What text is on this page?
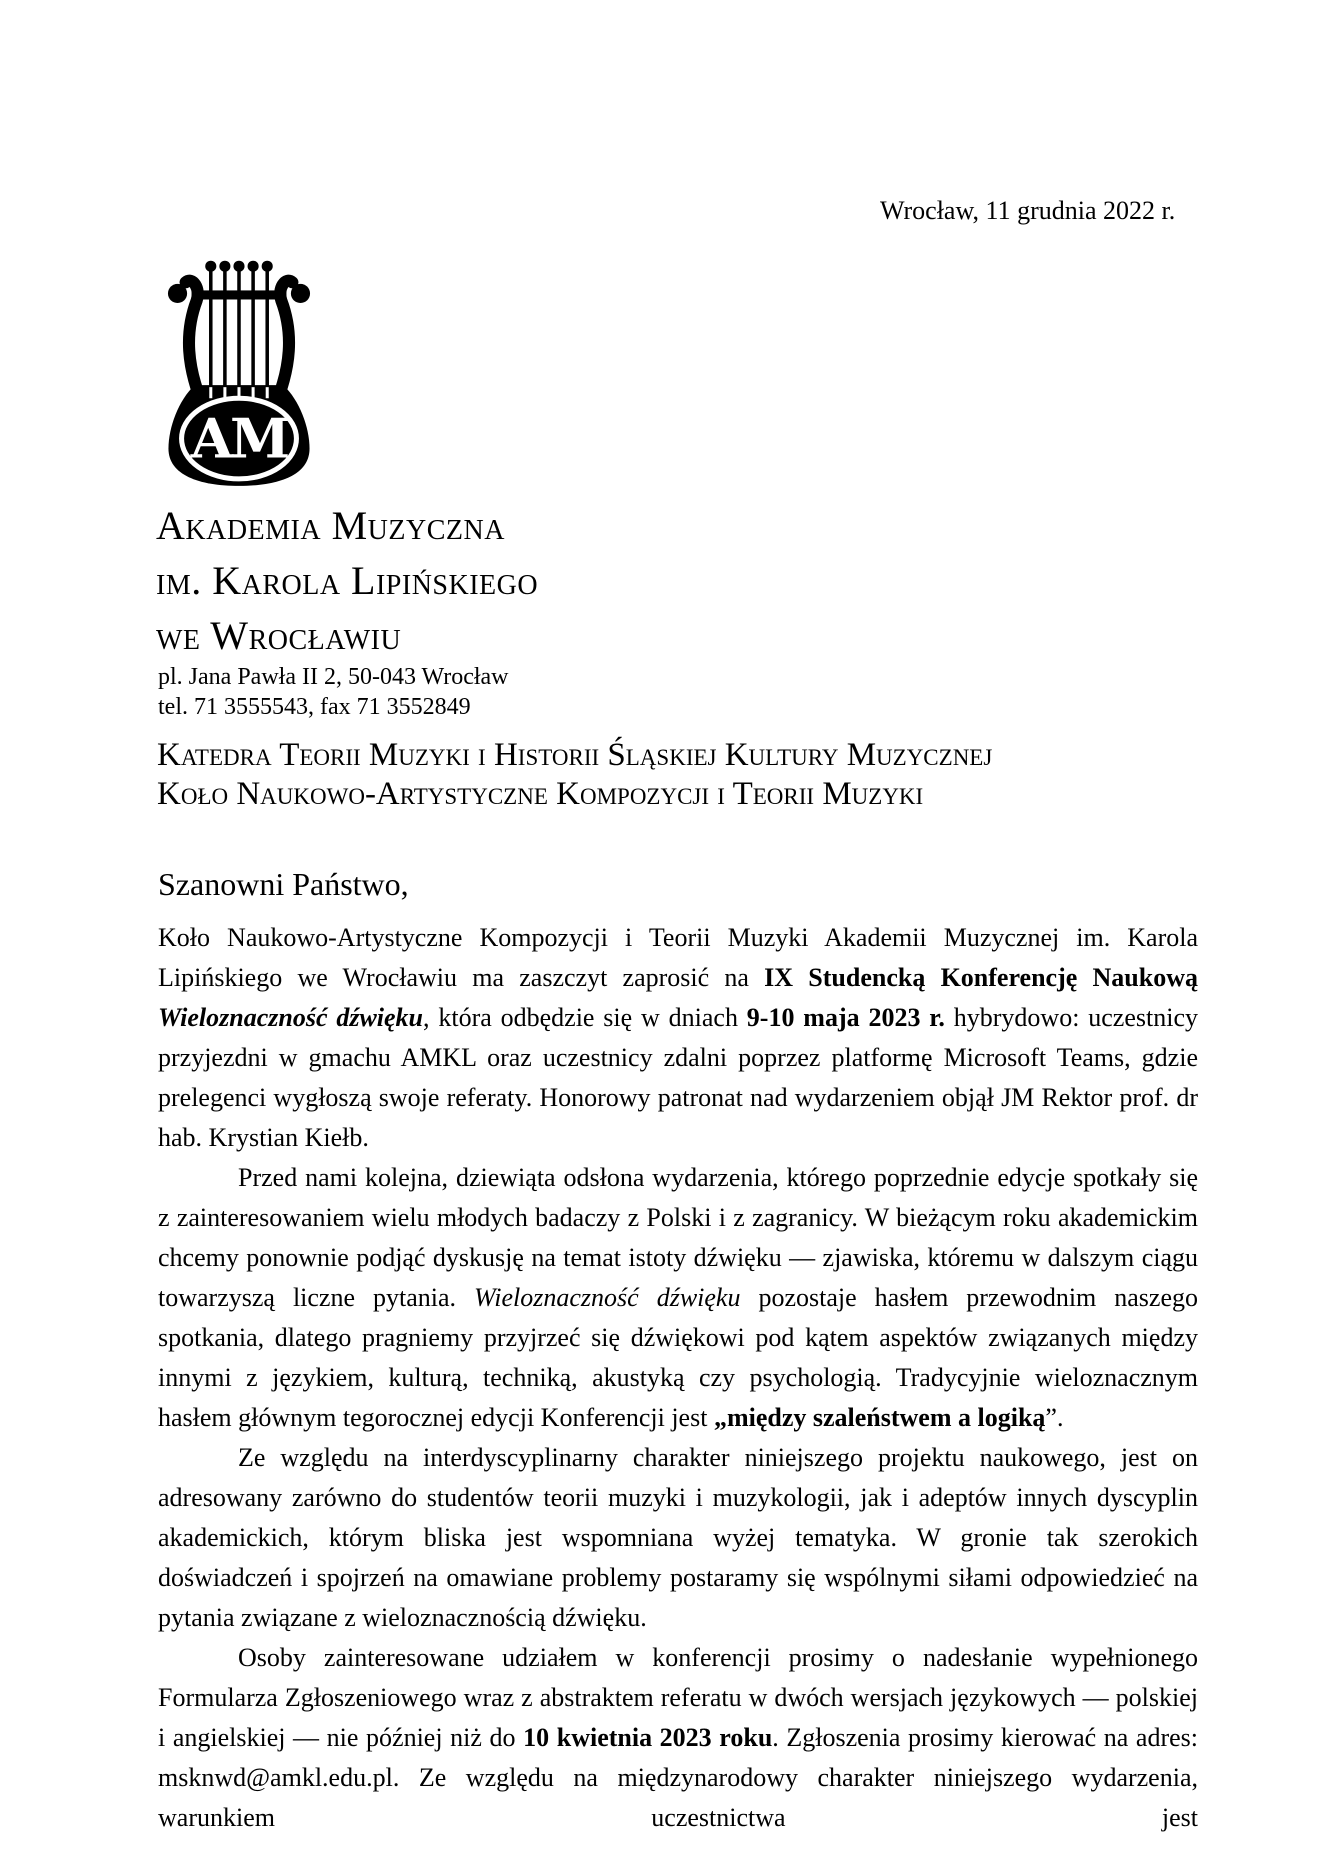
Wrocław, 11 grudnia 2022 r.
AM
Akademia Muzyczna
im. Karola Lipińskiego
we Wrocławiu
pl. Jana Pawła II 2, 50-043 Wrocław
tel. 71 3555543, fax 71 3552849
Katedra Teorii Muzyki i Historii Śląskiej Kultury Muzycznej
Koło Naukowo-Artystyczne Kompozycji i Teorii Muzyki
Szanowni Państwo,

Koło Naukowo-Artystyczne Kompozycji i Teorii Muzyki Akademii Muzycznej im. Karola Lipińskiego we Wrocławiu ma zaszczyt zaprosić na IX Studencką Konferencję Naukową Wieloznaczność dźwięku, która odbędzie się w dniach 9-10 maja 2023 r. hybrydowo: uczestnicy przyjezdni w gmachu AMKL oraz uczestnicy zdalni poprzez platformę Microsoft Teams, gdzie prelegenci wygłoszą swoje referaty. Honorowy patronat nad wydarzeniem objął JM Rektor prof. dr hab. Krystian Kiełb.

Przed nami kolejna, dziewiąta odsłona wydarzenia, którego poprzednie edycje spotkały się z zainteresowaniem wielu młodych badaczy z Polski i z zagranicy. W bieżącym roku akademickim chcemy ponownie podjąć dyskusję na temat istoty dźwięku — zjawiska, któremu w dalszym ciągu towarzyszą liczne pytania. Wieloznaczność dźwięku pozostaje hasłem przewodnim naszego spotkania, dlatego pragniemy przyjrzeć się dźwiękowi pod kątem aspektów związanych między innymi z językiem, kulturą, techniką, akustyką czy psychologią. Tradycyjnie wieloznacznym hasłem głównym tegorocznej edycji Konferencji jest „między szaleństwem a logiką”.

Ze względu na interdyscyplinarny charakter niniejszego projektu naukowego, jest on adresowany zarówno do studentów teorii muzyki i muzykologii, jak i adeptów innych dyscyplin akademickich, którym bliska jest wspomniana wyżej tematyka. W gronie tak szerokich doświadczeń i spojrzeń na omawiane problemy postaramy się wspólnymi siłami odpowiedzieć na pytania związane z wieloznacznością dźwięku.

Osoby zainteresowane udziałem w konferencji prosimy o nadesłanie wypełnionego Formularza Zgłoszeniowego wraz z abstraktem referatu w dwóch wersjach językowych — polskiej i angielskiej — nie później niż do 10 kwietnia 2023 roku. Zgłoszenia prosimy kierować na adres: msknwd@amkl.edu.pl. Ze względu na międzynarodowy charakter niniejszego wydarzenia, warunkiem uczestnictwa jest
